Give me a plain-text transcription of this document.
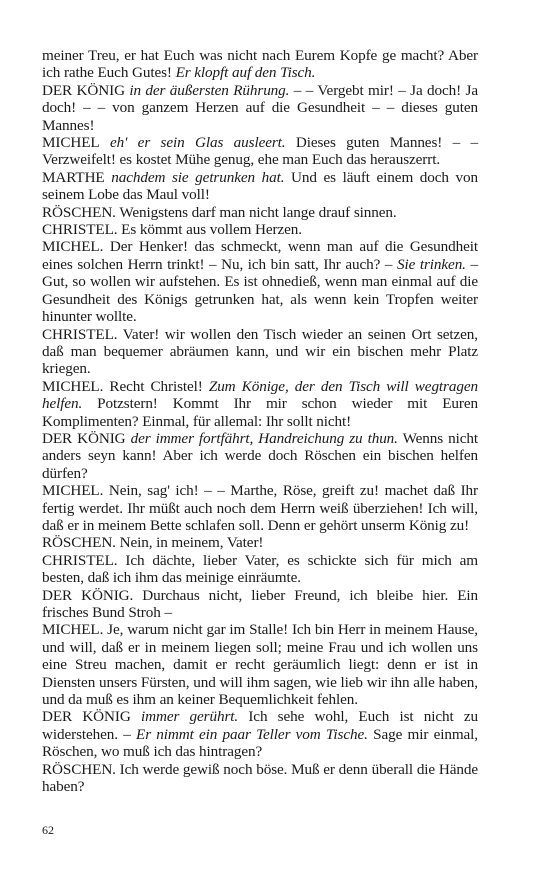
meiner Treu, er hat Euch was nicht nach Eurem Kopfe ge macht? Aber ich rathe Euch Gutes! Er klopft auf den Tisch.

DER KÖNIG in der äußersten Rührung. – – Vergebt mir! – Ja doch! Ja doch! – – von ganzem Herzen auf die Gesundheit – – dieses guten Mannes!

MICHEL eh' er sein Glas ausleert. Dieses guten Mannes! – – Verzweifelt! es kostet Mühe genug, ehe man Euch das herauszerrt.

MARTHE nachdem sie getrunken hat. Und es läuft einem doch von seinem Lobe das Maul voll!

RÖSCHEN. Wenigstens darf man nicht lange drauf sinnen.

CHRISTEL. Es kömmt aus vollem Herzen.

MICHEL. Der Henker! das schmeckt, wenn man auf die Gesundheit eines solchen Herrn trinkt! – Nu, ich bin satt, Ihr auch? – Sie trinken. – Gut, so wollen wir aufstehen. Es ist ohnedieß, wenn man einmal auf die Gesundheit des Königs getrunken hat, als wenn kein Tropfen weiter hinunter wollte.

CHRISTEL. Vater! wir wollen den Tisch wieder an seinen Ort setzen, daß man bequemer abräumen kann, und wir ein bischen mehr Platz kriegen.

MICHEL. Recht Christel! Zum Könige, der den Tisch will wegtragen helfen. Potzstern! Kommt Ihr mir schon wieder mit Euren Komplimenten? Einmal, für allemal: Ihr sollt nicht!

DER KÖNIG der immer fortfährt, Handreichung zu thun. Wenns nicht anders seyn kann! Aber ich werde doch Röschen ein bischen helfen dürfen?

MICHEL. Nein, sag' ich! – – Marthe, Röse, greift zu! machet daß Ihr fertig werdet. Ihr müßt auch noch dem Herrn weiß überziehen! Ich will, daß er in meinem Bette schlafen soll. Denn er gehört unserm König zu!

RÖSCHEN. Nein, in meinem, Vater!

CHRISTEL. Ich dächte, lieber Vater, es schickte sich für mich am besten, daß ich ihm das meinige einräumte.

DER KÖNIG. Durchaus nicht, lieber Freund, ich bleibe hier. Ein frisches Bund Stroh –

MICHEL. Je, warum nicht gar im Stalle! Ich bin Herr in meinem Hause, und will, daß er in meinem liegen soll; meine Frau und ich wollen uns eine Streu machen, damit er recht geräumlich liegt: denn er ist in Diensten unsers Fürsten, und will ihm sagen, wie lieb wir ihn alle haben, und da muß es ihm an keiner Bequemlichkeit fehlen.

DER KÖNIG immer gerührt. Ich sehe wohl, Euch ist nicht zu widerstehen. – Er nimmt ein paar Teller vom Tische. Sage mir einmal, Röschen, wo muß ich das hintragen?

RÖSCHEN. Ich werde gewiß noch böse. Muß er denn überall die Hände haben?

62
